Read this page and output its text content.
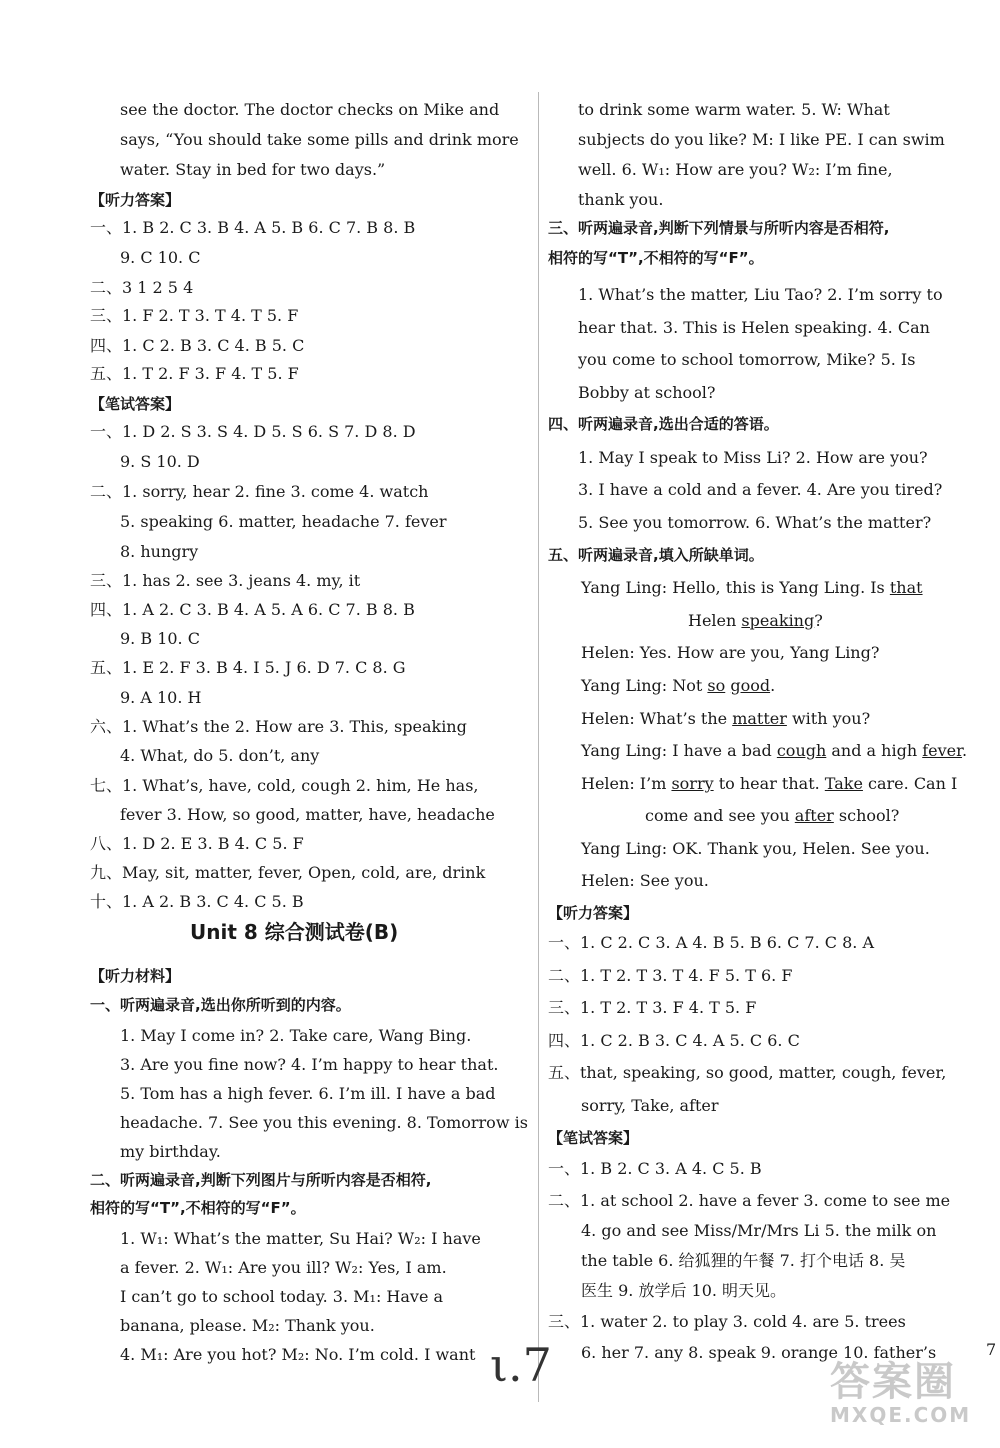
see the doctor. The doctor checks on Mike and
says, “You should take some pills and drink more
water. Stay in bed for two days.”
【听力答案】
一、1. B 2. C 3. B 4. A 5. B 6. C 7. B 8. B
9. C 10. C
二、3 1 2 5 4
三、1. F 2. T 3. T 4. T 5. F
四、1. C 2. B 3. C 4. B 5. C
五、1. T 2. F 3. F 4. T 5. F
【笔试答案】
一、1. D 2. S 3. S 4. D 5. S 6. S 7. D 8. D
9. S 10. D
二、1. sorry, hear 2. fine 3. come 4. watch
5. speaking 6. matter, headache 7. fever
8. hungry
三、1. has 2. see 3. jeans 4. my, it
四、1. A 2. C 3. B 4. A 5. A 6. C 7. B 8. B
9. B 10. C
五、1. E 2. F 3. B 4. I 5. J 6. D 7. C 8. G
9. A 10. H
六、1. What’s the 2. How are 3. This, speaking
4. What, do 5. don’t, any
七、1. What’s, have, cold, cough 2. him, He has,
fever 3. How, so good, matter, have, headache
八、1. D 2. E 3. B 4. C 5. F
九、May, sit, matter, fever, Open, cold, are, drink
十、1. A 2. B 3. C 4. C 5. B
Unit 8 综合测试卷(B)
【听力材料】
一、听两遍录音,选出你所听到的内容。
1. May I come in? 2. Take care, Wang Bing.
3. Are you fine now? 4. I’m happy to hear that.
5. Tom has a high fever. 6. I’m ill. I have a bad
headache. 7. See you this evening. 8. Tomorrow is
my birthday.
二、听两遍录音,判断下列图片与所听内容是否相符,
相符的写“T”,不相符的写“F”。
1. W₁: What’s the matter, Su Hai? W₂: I have
a fever. 2. W₁: Are you ill? W₂: Yes, I am.
I can’t go to school today. 3. M₁: Have a
banana, please. M₂: Thank you.
4. M₁: Are you hot? M₂: No. I’m cold. I want
to drink some warm water. 5. W: What
subjects do you like? M: I like PE. I can swim
well. 6. W₁: How are you? W₂: I’m fine,
thank you.
三、听两遍录音,判断下列情景与所听内容是否相符,
相符的写“T”,不相符的写“F”。
1. What’s the matter, Liu Tao? 2. I’m sorry to
hear that. 3. This is Helen speaking. 4. Can
you come to school tomorrow, Mike? 5. Is
Bobby at school?
四、听两遍录音,选出合适的答语。
1. May I speak to Miss Li? 2. How are you?
3. I have a cold and a fever. 4. Are you tired?
5. See you tomorrow. 6. What’s the matter?
五、听两遍录音,填入所缺单词。
Yang Ling: Hello, this is Yang Ling. Is that
Helen speaking?
Helen: Yes. How are you, Yang Ling?
Yang Ling: Not so good.
Helen: What’s the matter with you?
Yang Ling: I have a bad cough and a high fever.
Helen: I’m sorry to hear that. Take care. Can I
come and see you after school?
Yang Ling: OK. Thank you, Helen. See you.
Helen: See you.
【听力答案】
一、1. C 2. C 3. A 4. B 5. B 6. C 7. C 8. A
二、1. T 2. T 3. T 4. F 5. T 6. F
三、1. T 2. T 3. F 4. T 5. F
四、1. C 2. B 3. C 4. A 5. C 6. C
五、that, speaking, so good, matter, cough, fever,
sorry, Take, after
【笔试答案】
一、1. B 2. C 3. A 4. C 5. B
二、1. at school 2. have a fever 3. come to see me
4. go and see Miss/Mr/Mrs Li 5. the milk on
the table 6. 给狐狸的午餐 7. 打个电话 8. 吴
医生 9. 放学后 10. 明天见。
三、1. water 2. to play 3. cold 4. are 5. trees
6. her 7. any 8. speak 9. orange 10. father’s
ι.7	7
答案圈
MXQE.COM
